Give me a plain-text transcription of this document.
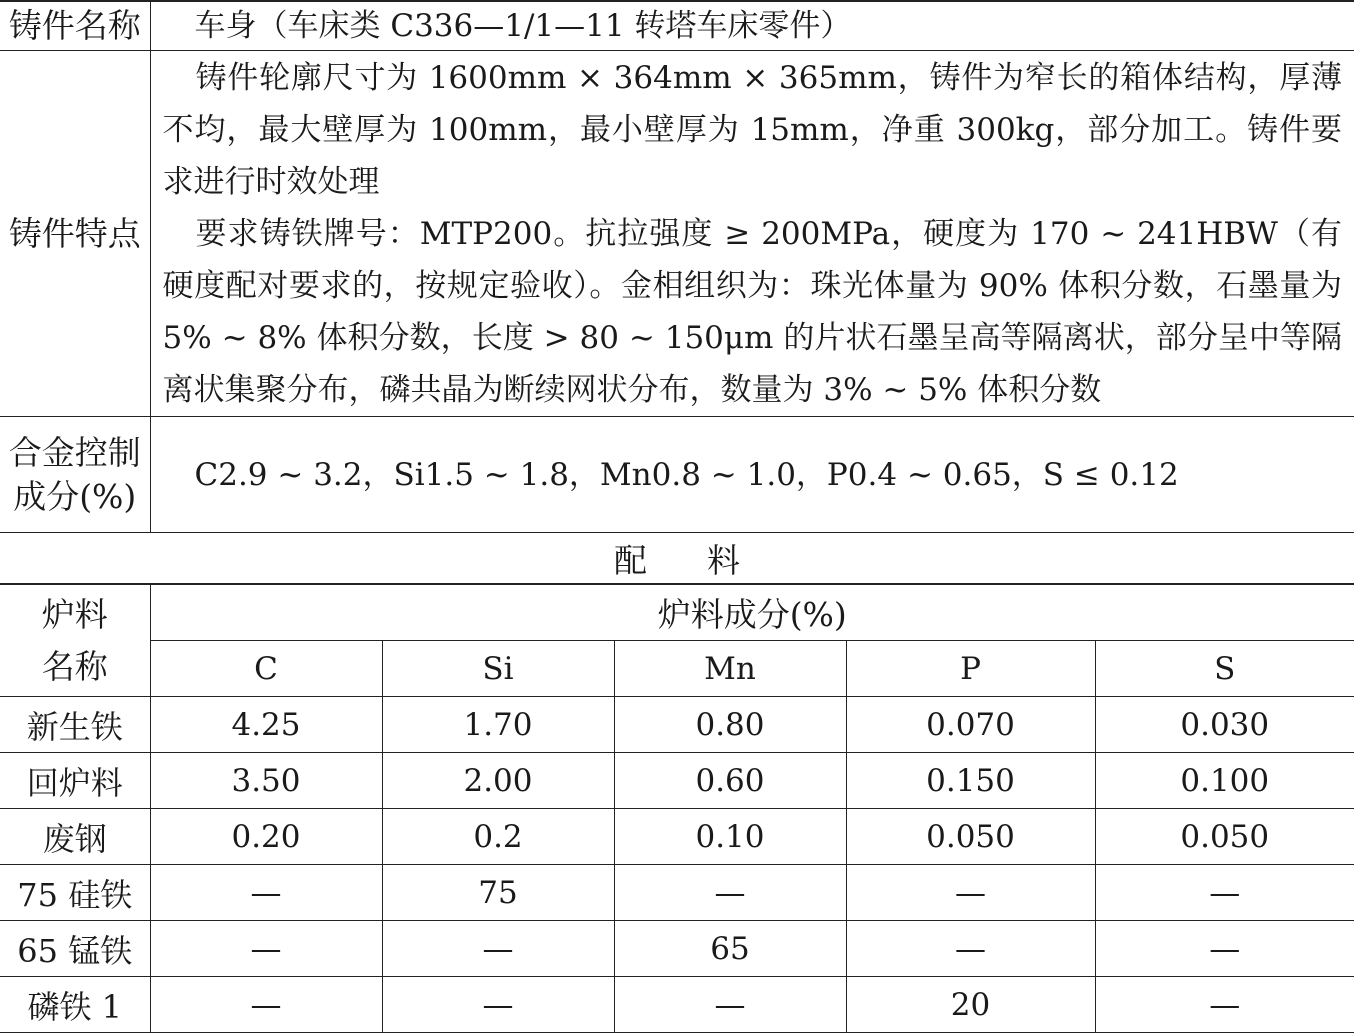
铸件名称	车身（车床类 C336—1/1—11 转塔车床零件）
铸件特点	铸件轮廓尺寸为 1600mm × 364mm × 365mm，铸件为窄长的箱体结构，厚薄不均，最大壁厚为 100mm，最小壁厚为 15mm，净重 300kg，部分加工。铸件要求进行时效处理
要求铸铁牌号：MTP200。抗拉强度 ≥ 200MPa，硬度为 170 ~ 241HBW（有硬度配对要求的，按规定验收）。金相组织为：珠光体量为 90% 体积分数，石墨量为 5% ~ 8% 体积分数，长度 > 80 ~ 150μm 的片状石墨呈高等隔离状，部分呈中等隔离状集聚分布，磷共晶为断续网状分布，数量为 3% ~ 5% 体积分数

合金控制
成分(%)	C2.9 ~ 3.2，Si1.5 ~ 1.8，Mn0.8 ~ 1.0，P0.4 ~ 0.65，S ≤ 0.12
配料	
炉料
名称	炉料成分(%)				
	C	Si	Mn	P	S
新生铁	4.25	1.70	0.80	0.070	0.030
回炉料	3.50	2.00	0.60	0.150	0.100
废钢	0.20	0.2	0.10	0.050	0.050
75 硅铁	—	75	—	—	—
65 锰铁	—	—	65	—	—
磷铁 1	—	—	—	20	—
